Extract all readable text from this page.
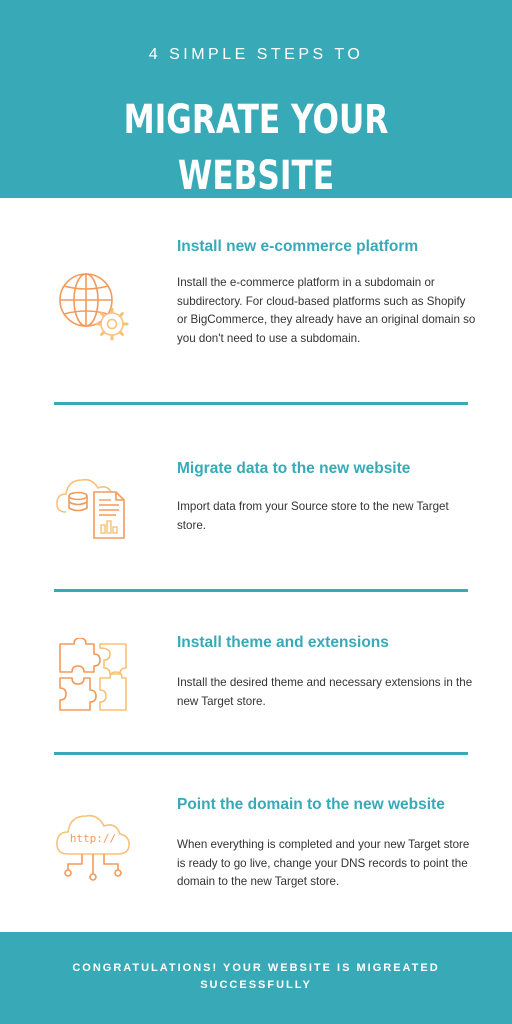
4 SIMPLE STEPS TO
MIGRATE YOUR WEBSITE
Install new e-commerce platform
Install the e-commerce platform in a subdomain or subdirectory. For cloud-based platforms such as Shopify or BigCommerce, they already have an original domain so you don't need to use a subdomain.
Migrate data to the new website
Import data from your Source store to the new Target store.
Install theme and extensions
Install the desired theme and necessary extensions in the new Target store.
http://
Point the domain to the new website
When everything is completed and your new Target store is ready to go live, change your DNS records to point the domain to the new Target store.
CONGRATULATIONS! YOUR WEBSITE IS MIGREATED SUCCESSFULLY
